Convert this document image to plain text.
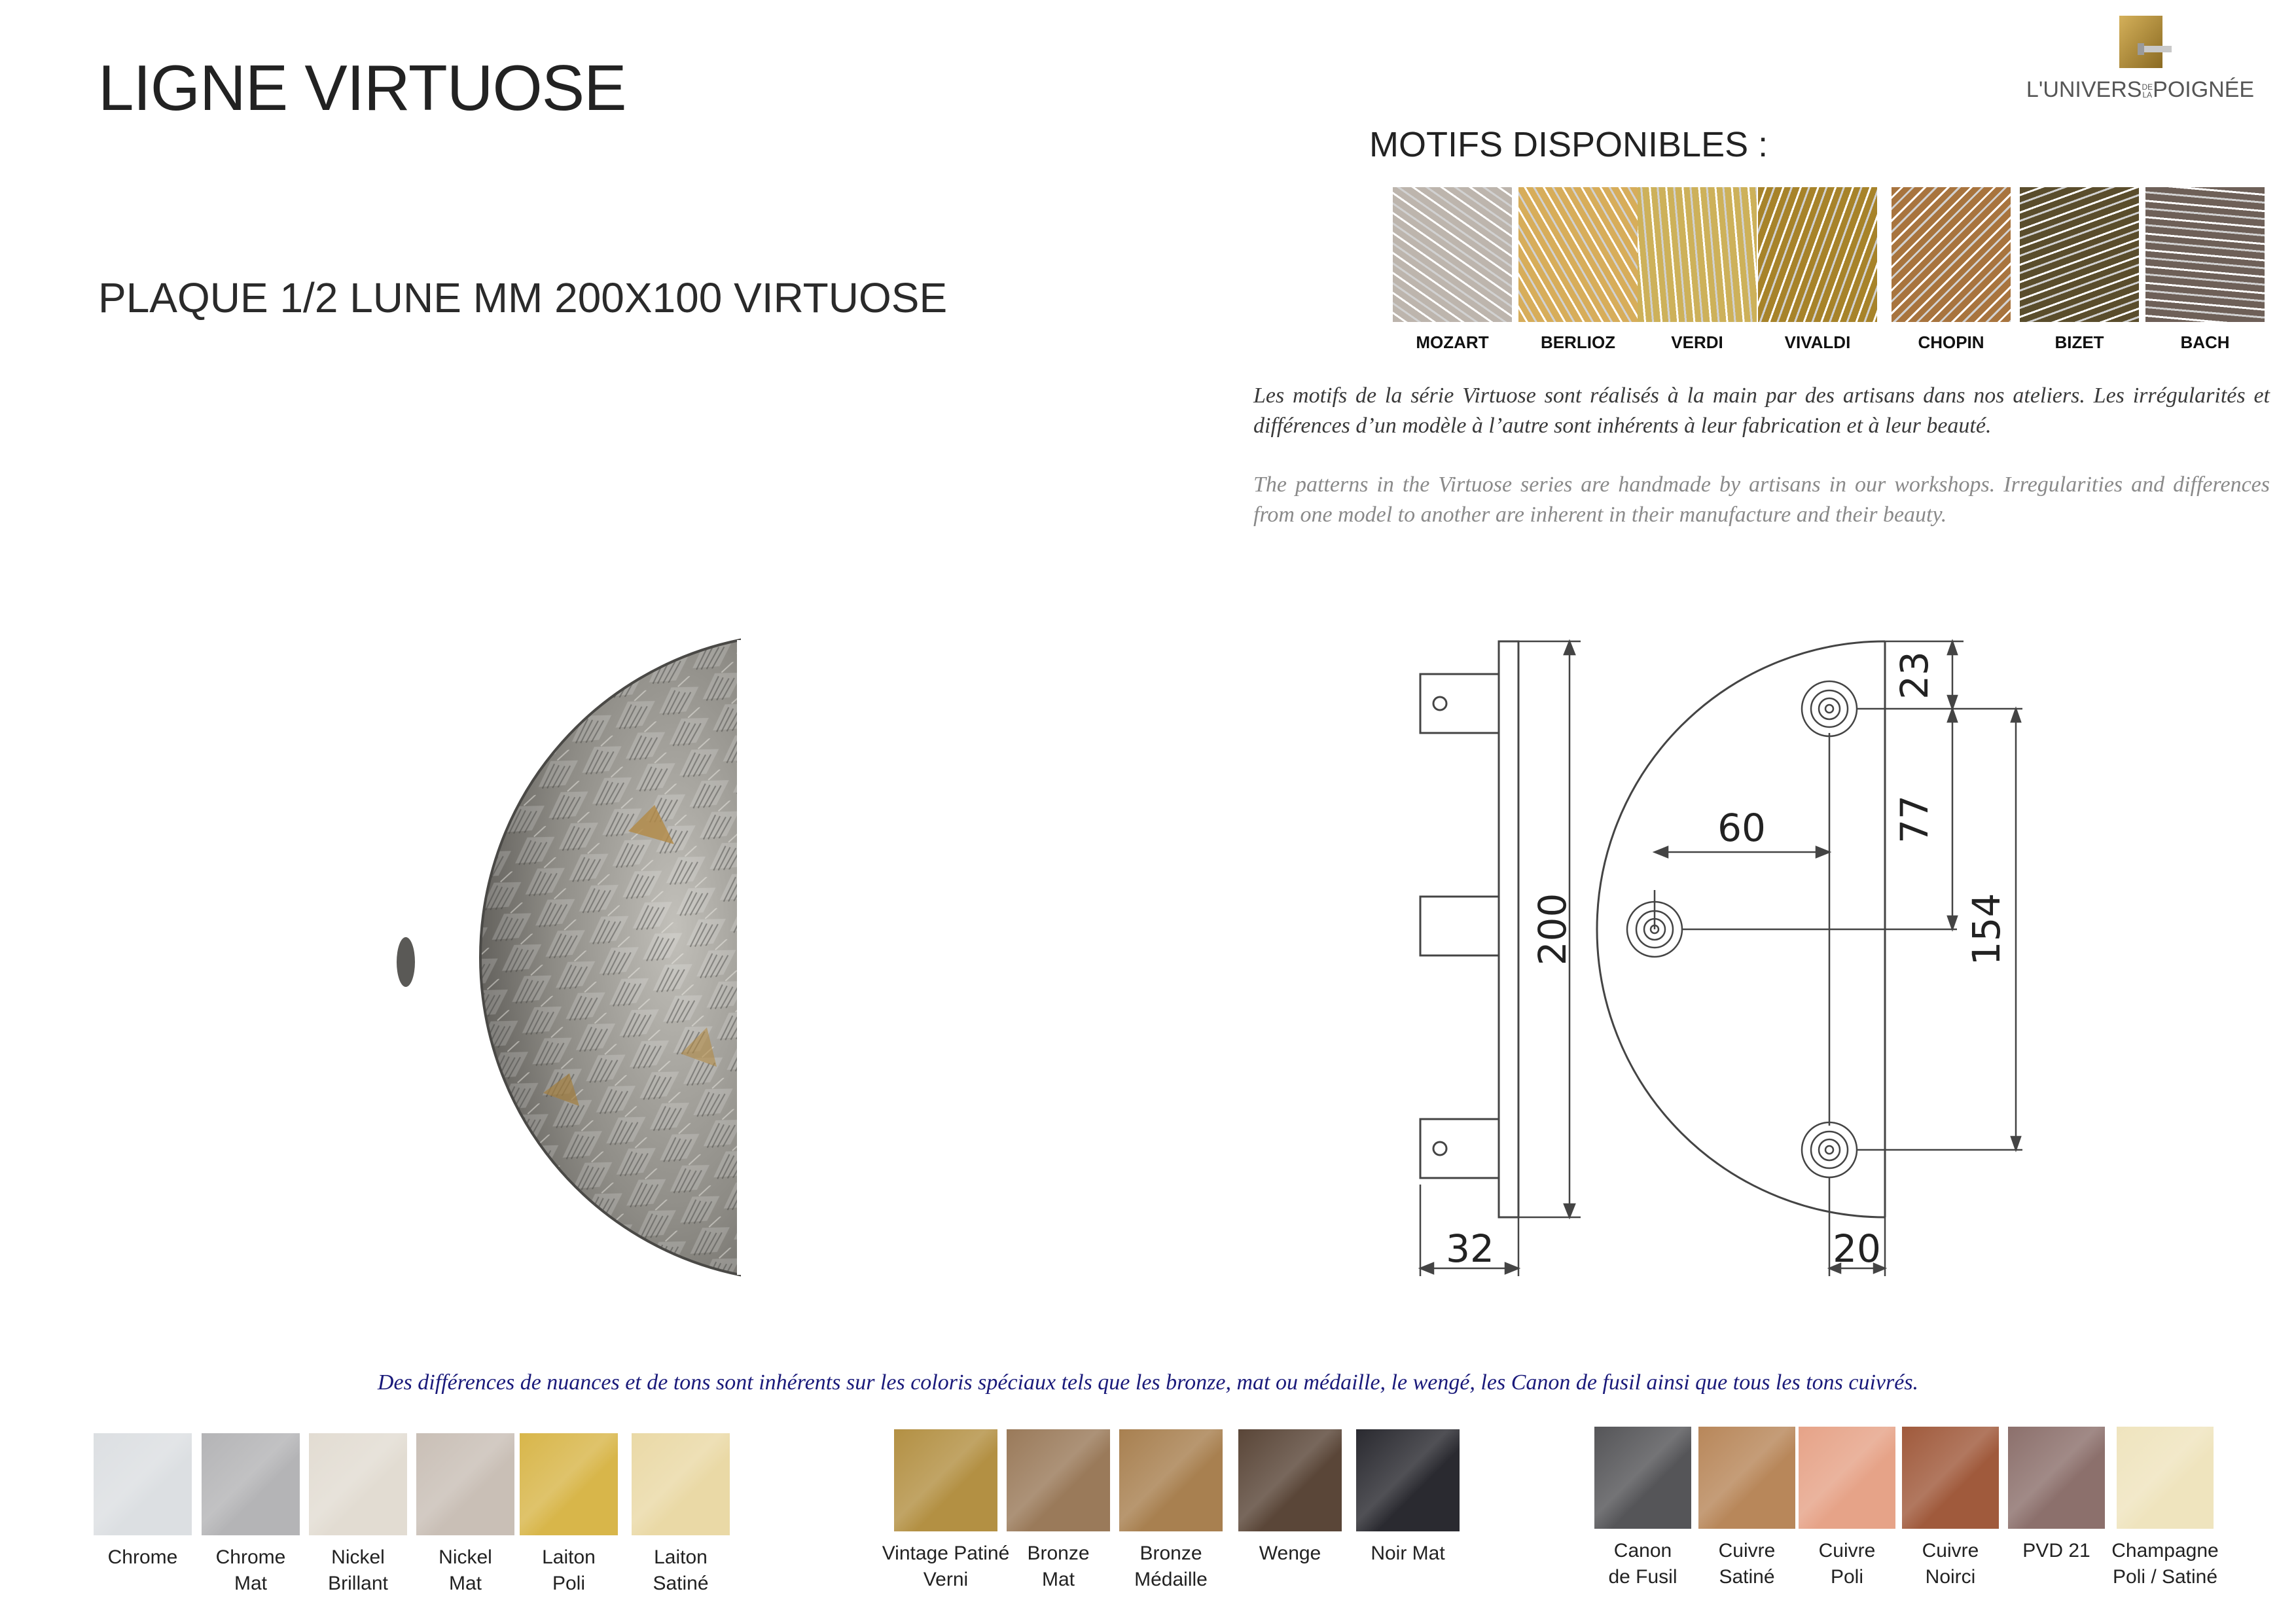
LIGNE VIRTUOSE
PLAQUE 1/2 LUNE MM 200X100 VIRTUOSE
L'UNIVERSDE
LAPOIGNÉE
MOTIFS DISPONIBLES :
MOZART	BERLIOZ	VERDI	VIVALDI	CHOPIN	BIZET	BACH
Les motifs de la série Virtuose sont réalisés à la main par des artisans dans nos ateliers. Les irrégularités et différences d’un modèle à l’autre sont inhérents à leur fabrication et à leur beauté.
The patterns in the Virtuose series are handmade by artisans in our workshops. Irregularities and differences from one model to another are inherent in their manufacture and their beauty.
200
32	20
60
23
77
154
Des différences de nuances et de tons sont inhérents sur les coloris spéciaux tels que les bronze, mat ou médaille, le wengé, les Canon de fusil ainsi que tous les tons cuivrés.
Chrome	Chrome
Mat
Nickel
Brillant
Nickel
Mat
Laiton
Poli
Laiton
Satiné
Vintage Patiné
Verni
Bronze
Mat
Bronze
Médaille
Wenge	Noir Mat	Canon
de Fusil
Cuivre
Satiné
Cuivre
Poli
Cuivre
Noirci
PVD 21	Champagne
Poli / Satiné
